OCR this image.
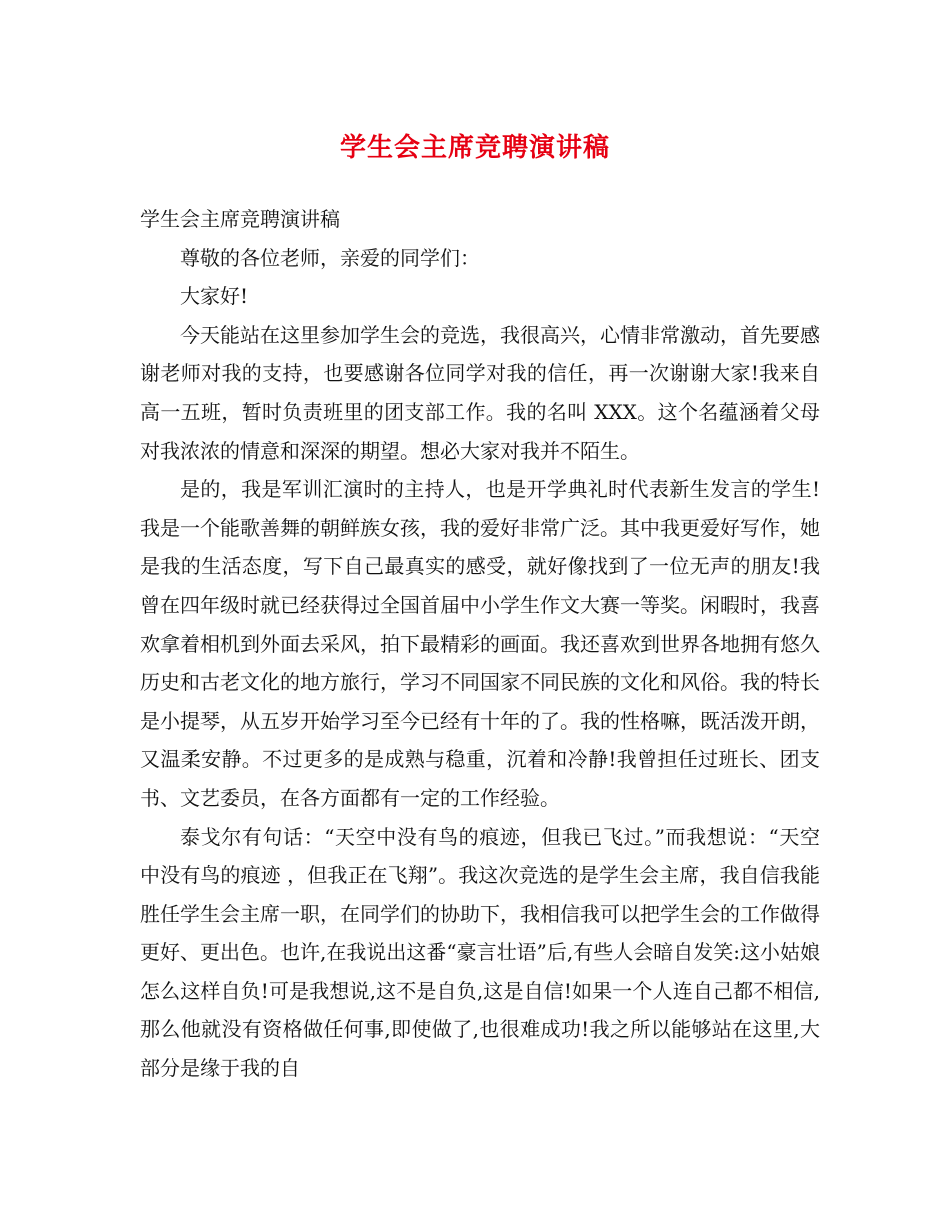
学生会主席竞聘演讲稿

学生会主席竞聘演讲稿

尊敬的各位老师，亲爱的同学们：

大家好!

今天能站在这里参加学生会的竞选，我很高兴，心情非常激动，首先要感谢老师对我的支持，也要感谢各位同学对我的信任，再一次谢谢大家!我来自高一五班，暂时负责班里的团支部工作。我的名叫 XXX。这个名蕴涵着父母对我浓浓的情意和深深的期望。想必大家对我并不陌生。

是的，我是军训汇演时的主持人，也是开学典礼时代表新生发言的学生!我是一个能歌善舞的朝鲜族女孩，我的爱好非常广泛。其中我更爱好写作，她是我的生活态度，写下自己最真实的感受，就好像找到了一位无声的朋友!我曾在四年级时就已经获得过全国首届中小学生作文大赛一等奖。闲暇时，我喜欢拿着相机到外面去采风，拍下最精彩的画面。我还喜欢到世界各地拥有悠久历史和古老文化的地方旅行，学习不同国家不同民族的文化和风俗。我的特长是小提琴，从五岁开始学习至今已经有十年的了。我的性格嘛，既活泼开朗，又温柔安静。不过更多的是成熟与稳重，沉着和冷静!我曾担任过班长、团支书、文艺委员，在各方面都有一定的工作经验。

泰戈尔有句话：“天空中没有鸟的痕迹，但我已飞过。”而我想说：“天空中没有鸟的痕迹 ，但我正在飞翔”。我这次竞选的是学生会主席，我自信我能胜任学生会主席一职，在同学们的协助下，我相信我可以把学生会的工作做得更好、更出色。也许,在我说出这番“豪言壮语”后,有些人会暗自发笑:这小姑娘怎么这样自负!可是我想说,这不是自负,这是自信!如果一个人连自己都不相信,那么他就没有资格做任何事,即使做了,也很难成功!我之所以能够站在这里,大部分是缘于我的自
